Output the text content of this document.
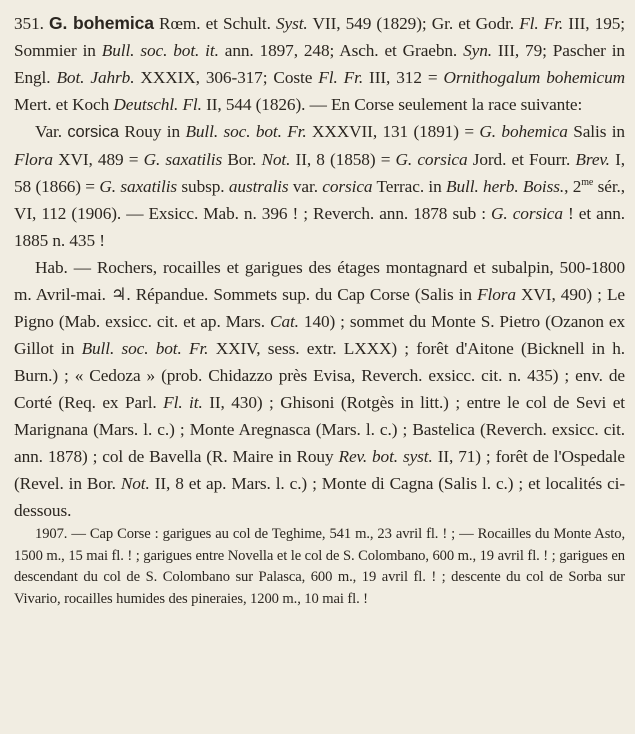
351. G. bohemica Rœm. et Schult. Syst. VII, 549 (1829); Gr. et Godr. Fl. Fr. III, 195; Sommier in Bull. soc. bot. it. ann. 1897, 248; Asch. et Graebn. Syn. III, 79; Pascher in Engl. Bot. Jahrb. XXXIX, 306-317; Coste Fl. Fr. III, 312 = Ornithogalum bohemicum Mert. et Koch Deutschl. Fl. II, 544 (1826). — En Corse seulement la race suivante:

Var. corsica Rouy in Bull. soc. bot. Fr. XXXVII, 131 (1891) = G. bohemica Salis in Flora XVI, 489 = G. saxatilis Bor. Not. II, 8 (1858) = G. corsica Jord. et Fourr. Brev. I, 58 (1866) = G. saxatilis subsp. australis var. corsica Terrac. in Bull. herb. Boiss., $2^{me}$ sér., VI, 112 (1906). — Exsicc. Mab. n. 396 ! ; Reverch. ann. 1878 sub : G. corsica ! et ann. 1885 n. 435 !

Hab. — Rochers, rocailles et garigues des étages montagnard et subalpin, 500-1800 m. Avril-mai. ♃. Répandue. Sommets sup. du Cap Corse (Salis in Flora XVI, 490) ; Le Pigno (Mab. exsicc. cit. et ap. Mars. Cat. 140) ; sommet du Monte S. Pietro (Ozanon ex Gillot in Bull. soc. bot. Fr. XXIV, sess. extr. LXXX) ; forêt d'Aitone (Bicknell in h. Burn.) ; « Cedoza » (prob. Chidazzo près Evisa, Reverch. exsicc. cit. n. 435) ; env. de Corté (Req. ex Parl. Fl. it. II, 430) ; Ghisoni (Rotgès in litt.) ; entre le col de Sevi et Marignana (Mars. l. c.) ; Monte Aregnasca (Mars. l. c.) ; Bastelica (Reverch. exsicc. cit. ann. 1878) ; col de Bavella (R. Maire in Rouy Rev. bot. syst. II, 71) ; forêt de l'Ospedale (Revel. in Bor. Not. II, 8 et ap. Mars. l. c.) ; Monte di Cagna (Salis l. c.) ; et localités ci-dessous.

1907. — Cap Corse : garigues au col de Teghime, 541 m., 23 avril fl. ! ; — Rocailles du Monte Asto, 1500 m., 15 mai fl. ! ; garigues entre Novella et le col de S. Colombano, 600 m., 19 avril fl. ! ; garigues en descendant du col de S. Colombano sur Palasca, 600 m., 19 avril fl. ! ; descente du col de Sorba sur Vivario, rocailles humides des pineraies, 1200 m., 10 mai fl. !
